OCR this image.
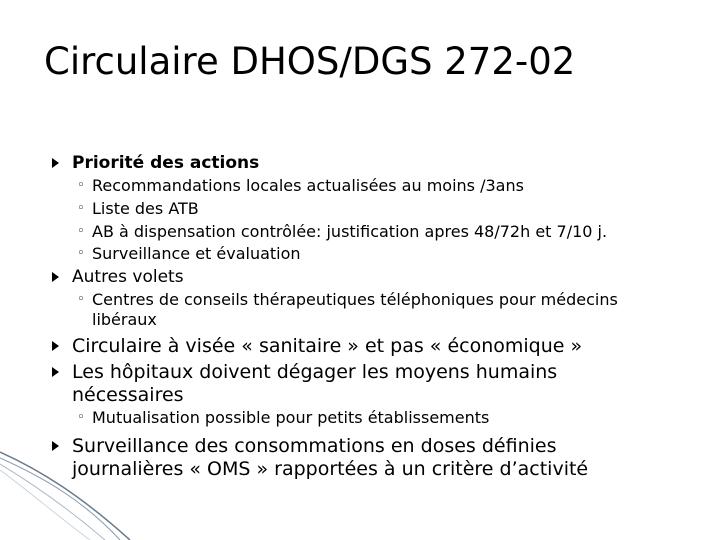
Circulaire DHOS/DGS 272-02
Priorité des actions
◦ Recommandations locales actualisées au moins /3ans
◦ Liste des ATB
◦ AB à dispensation contrôlée: justification apres 48/72h et 7/10 j.
◦ Surveillance et évaluation
Autres volets
◦ Centres de conseils thérapeutiques téléphoniques pour médecins
libéraux
Circulaire à visée « sanitaire » et pas « économique »
Les hôpitaux doivent dégager les moyens humains
nécessaires
◦ Mutualisation possible pour petits établissements
Surveillance des consommations en doses définies
journalières « OMS » rapportées à un critère d’activité
